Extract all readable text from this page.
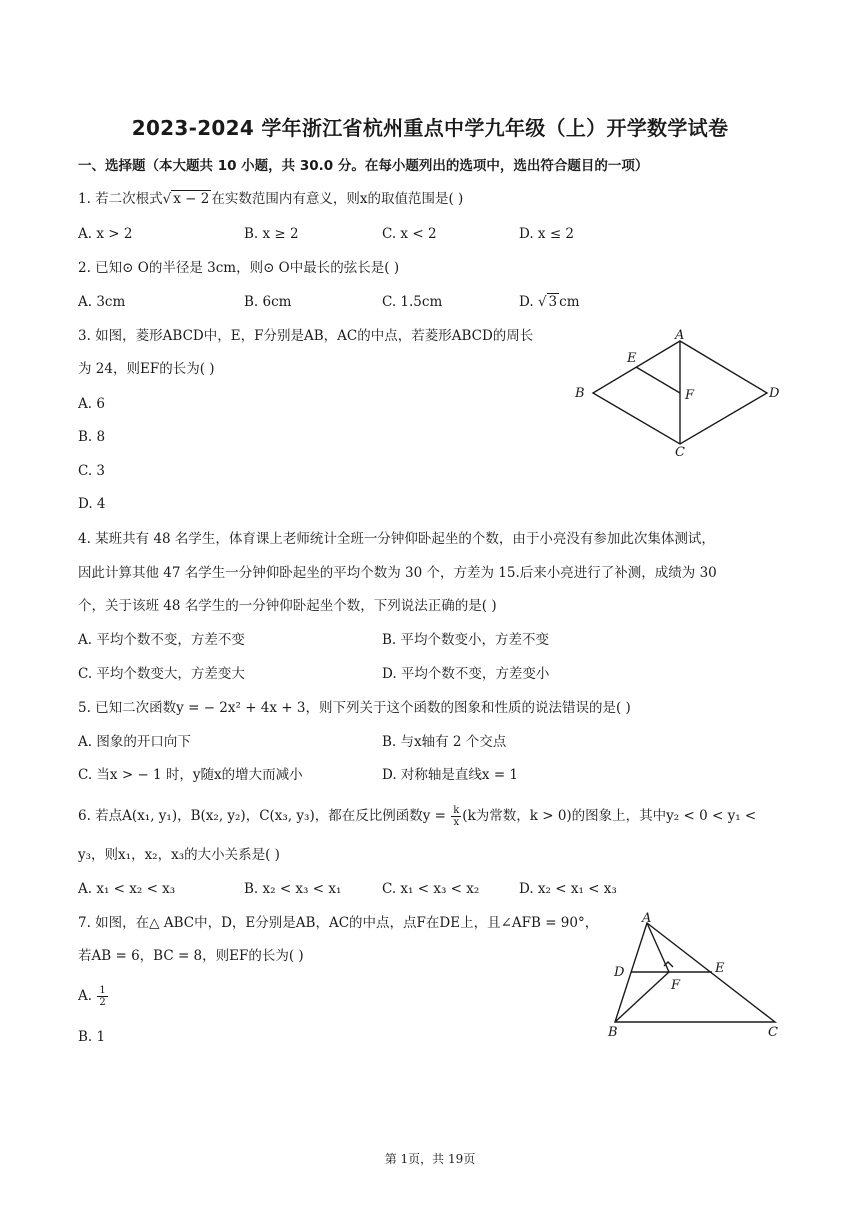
2023-2024 学年浙江省杭州重点中学九年级（上）开学数学试卷
一、选择题（本大题共 10 小题，共 30.0 分。在每小题列出的选项中，选出符合题目的一项）
1. 若二次根式√ x − 2 在实数范围内有意义，则x的取值范围是( )
A. x > 2	B. x ≥ 2	C. x < 2	D. x ≤ 2
2. 已知⊙ O的半径是 3cm，则⊙ O中最长的弦长是( )
A. 3cm	B. 6cm	C. 1.5cm	D. √ 3 cm
3. 如图，菱形ABCD中，E，F分别是AB，AC的中点，若菱形ABCD的周长
为 24，则EF的长为( )
A. 6
B. 8
C. 3
D. 4
A
B
C
D
E
F
4. 某班共有 48 名学生，体育课上老师统计全班一分钟仰卧起坐的个数，由于小亮没有参加此次集体测试，
因此计算其他 47 名学生一分钟仰卧起坐的平均个数为 30 个，方差为 15.后来小亮进行了补测，成绩为 30
个，关于该班 48 名学生的一分钟仰卧起坐个数，下列说法正确的是( )
A. 平均个数不变，方差不变	B. 平均个数变小，方差不变
C. 平均个数变大，方差变大	D. 平均个数不变，方差变小
5. 已知二次函数y = − 2x² + 4x + 3，则下列关于这个函数的图象和性质的说法错误的是( )
A. 图象的开口向下	B. 与x轴有 2 个交点
C. 当x > − 1 时，y随x的增大而减小	D. 对称轴是直线x = 1
6. 若点A(x₁, y₁)，B(x₂, y₂)，C(x₃, y₃)，都在反比例函数$y = \frac{k}{x} (k$为常数，k > 0)的图象上，其中y₂ < 0 < y₁ <
y₃，则x₁，x₂，x₃的大小关系是( )
A. x₁ < x₂ < x₃	B. x₂ < x₃ < x₁	C. x₁ < x₃ < x₂	D. x₂ < x₁ < x₃
7. 如图，在△ ABC中，D，E分别是AB，AC的中点，点F在DE上，且∠AFB = 90°，
若AB = 6，BC = 8，则EF的长为( )
A. $\frac{1}{2}$
B. 1
A
D	E
F
B	C
第 1页，共 19页
